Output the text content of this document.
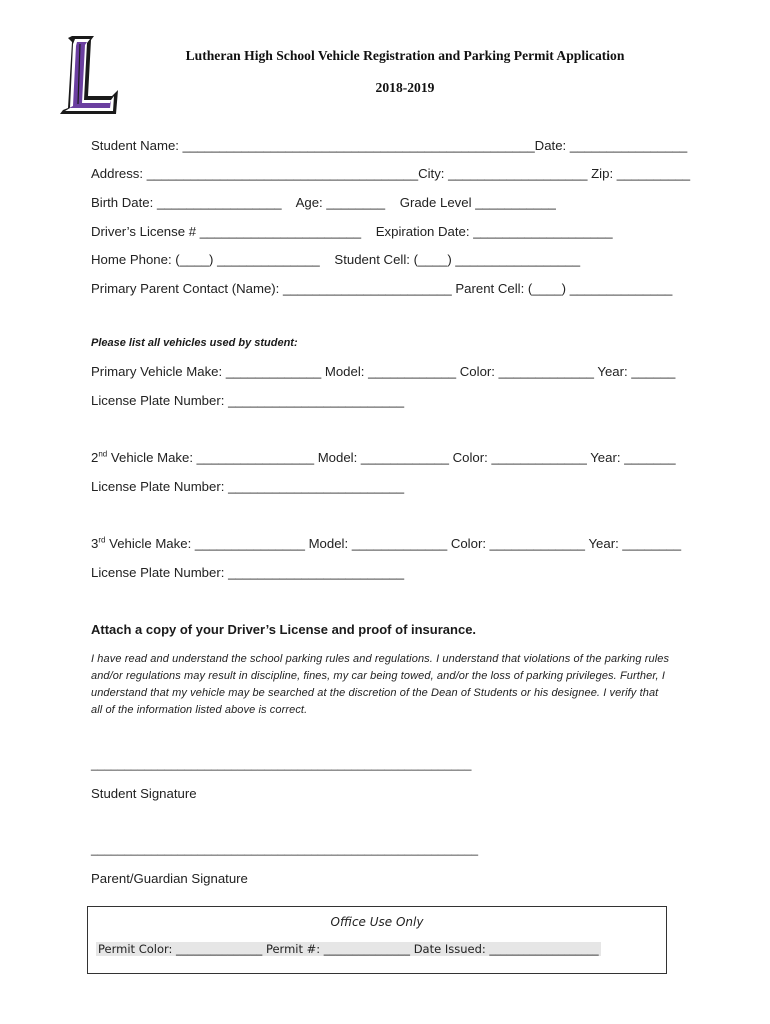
Lutheran High School Vehicle Registration and Parking Permit Application
2018-2019
Student Name: ________________________________________________Date: ________________
Address: _____________________________________City: ___________________ Zip: __________
Birth Date: _________________    Age: ________    Grade Level ___________
Driver’s License # ______________________    Expiration Date: ___________________
Home Phone: (____) ______________    Student Cell: (____) _________________
Primary Parent Contact (Name): _______________________ Parent Cell: (____) ______________
Please list all vehicles used by student:
Primary Vehicle Make: _____________ Model: ____________ Color: _____________ Year: ______
License Plate Number: ________________________
2nd Vehicle Make: ________________ Model: ____________ Color: _____________ Year: _______
License Plate Number: ________________________
3rd Vehicle Make: _______________ Model: _____________ Color: _____________ Year: ________
License Plate Number: ________________________
Attach a copy of your Driver’s License and proof of insurance.
I have read and understand the school parking rules and regulations. I understand that violations of the parking rules and/or regulations may result in discipline, fines, my car being towed, and/or the loss of parking privileges. Further, I understand that my vehicle may be searched at the discretion of the Dean of Students or his designee. I verify that all of the information listed above is correct.
_________________________________________________________
Student Signature
__________________________________________________________
Parent/Guardian Signature
Office Use Only
Permit Color: _______________ Permit #: _______________ Date Issued: ___________________
